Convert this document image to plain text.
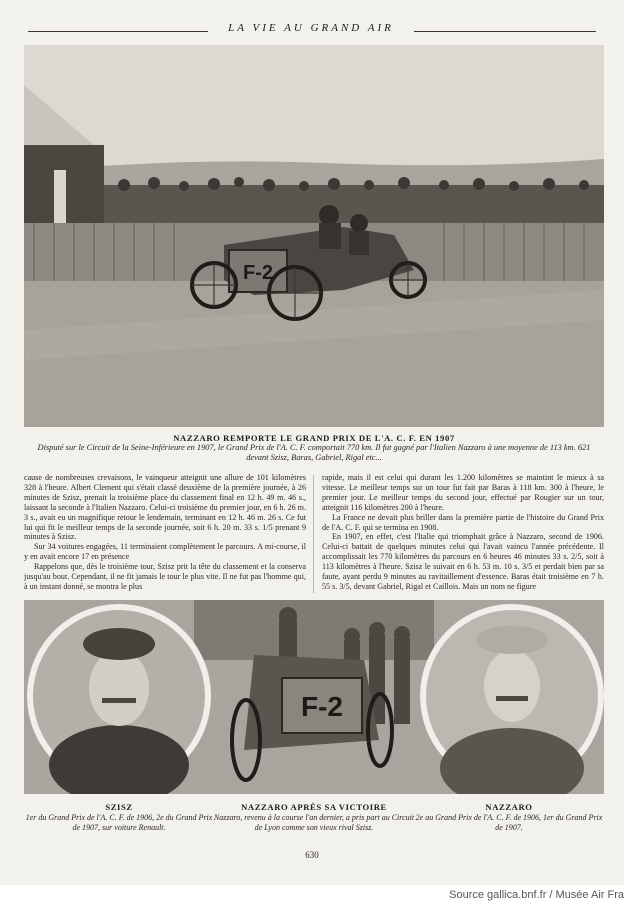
LA VIE AU GRAND AIR
F-2
NAZZARO REMPORTE LE GRAND PRIX DE L'A. C. F. EN 1907
Disputé sur le Circuit de la Seine-Inférieure en 1907, le Grand Prix de l'A. C. F. comportait 770 km. Il fut gagné par l'Italien Nazzaro à une moyenne de 113 km. 621 devant Szisz, Baras, Gabriel, Rigal etc...

cause de nombreuses crevaisons, le vainqueur atteignit une allure de 101 kilomètres 328 à l'heure. Albert Clement qui s'était classé deuxième de la première journée, à 26 minutes de Szisz, prenait la troisième place du classement final en 12 h. 49 m. 46 s., laissant la seconde à l'Italien Nazzaro. Celui-ci troisième du premier jour, en 6 h. 26 m. 3 s., avait eu un magnifique retour le lendemain, terminant en 12 h. 46 m. 26 s. Ce fut lui qui fit le meilleur temps de la seconde journée, soit 6 h. 20 m. 33 s. 1/5 prenant 9 minutes à Szisz.

Sur 34 voitures engagées, 11 terminaient complètement le parcours. A mi-course, il y en avait encore 17 en présence

Rappelons que, dès le troisième tour, Szisz prit la tête du classement et la conserva jusqu'au bout. Cependant, il ne fit jamais le tour le plus vite. Il ne fut pas l'homme qui, à un instant donné, se montra le plus

rapide, mais il est celui qui durant les 1.200 kilomètres se maintint le mieux à sa vitesse. Le meilleur temps sur un tour fut fait par Baras à 118 km. 300 à l'heure, le premier jour. Le meilleur temps du second jour, effectué par Rougier sur un tour, atteignit 116 kilomètres 200 à l'heure.

La France ne devait plus briller dans la première partie de l'histoire du Grand Prix de l'A. C. F. qui se termina en 1908.

En 1907, en effet, c'est l'Italie qui triomphait grâce à Nazzaro, second de 1906. Celui-ci battait de quelques minutes celui qui l'avait vaincu l'année précédente. Il accomplissait les 770 kilomètres du parcours en 6 heures 46 minutes 33 s. 2/5, soit à 113 kilomètres à l'heure. Szisz le suivait en 6 h. 53 m. 10 s. 3/5 et perdait bien par sa faute, ayant perdu 9 minutes au ravitaillement d'essence. Baras était troisième en 7 h. 55 s. 3/5, devant Gabriel, Rigal et Caillois. Mais un nom ne figure

F-2
SZISZ
1er du Grand Prix de l'A. C. F. de 1906, 2e du Grand Prix de 1907, sur voiture Renault.
NAZZARO APRÈS SA VICTOIRE
Nazzaro, revenu à la course l'an dernier, a pris part au Circuit de Lyon comme son vieux rival Szisz.
NAZZARO
2e au Grand Prix de l'A. C. F. de 1906, 1er du Grand Prix de 1907.
630
Source gallica.bnf.fr / Musée Air Fra
